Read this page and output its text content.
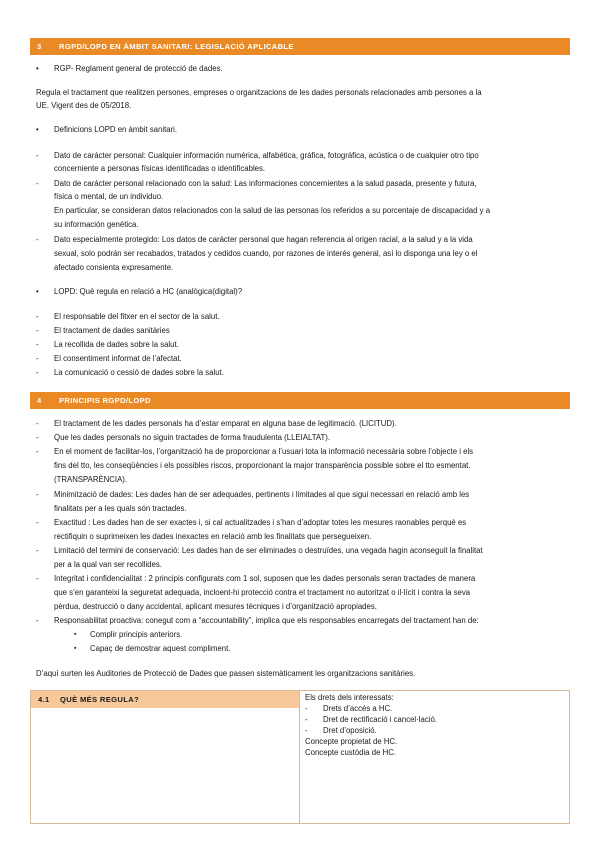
3 RGPD/LOPD EN ÀMBIT SANITARI: LEGISLACIÓ APLICABLE
• RGP- Reglament general de protecció de dades.
Regula el tractament que realitzen persones, empreses o organitzacions de les dades personals relacionades amb persones a la
UE. Vigent des de 05/2018.
• Definicions LOPD en àmbit sanitari.
-	Dato de carácter personal: Cualquier información numérica, alfabética, gráfica, fotográfica, acústica o de cualquier otro tipo
concerniente a personas físicas identificadas o identificables.
-	Dato de carácter personal relacionado con la salud: Las informaciones concernientes a la salud pasada, presente y futura,
física o mental, de un individuo.
En particular, se consideran datos relacionados con la salud de las personas los referidos a su porcentaje de discapacidad y a
su información genética.
-	Dato especialmente protegido: Los datos de carácter personal que hagan referencia al origen racial, a la salud y a la vida
sexual, solo podrán ser recabados, tratados y cedidos cuando, por razones de interés general, así lo disponga una ley o el
afectado consienta expresamente.
• LOPD: Què regula en relació a HC (analògica(digital)?
-	El responsable del fitxer en el sector de la salut.
-	El tractament de dades sanitàries
-	La recollida de dades sobre la salut.
-	El consentiment informat de l’afectat.
-	La comunicació o cessió de dades sobre la salut.
4 PRINCIPIS RGPD/LOPD
-	El tractament de les dades personals ha d’estar emparat en alguna base de legitimació. (LICITUD).
-	Que les dades personals no siguin tractades de forma fraudulenta (LLEIALTAT).
-	En el moment de facilitar-los, l’organització ha de proporcionar a l’usuari tota la informació necessària sobre l’objecte i els
fins del tto, les conseqüències i els possibles riscos, proporcionant la major transparència possible sobre el tto esmentat.
(TRANSPARÈNCIA).
-	Minimització de dades: Les dades han de ser adequades, pertinents i limitades al que sigui necessari en relació amb les
finalitats per a les quals són tractades.
-	Exactitud : Les dades han de ser exactes i, si cal actualitzades i s’han d’adoptar totes les mesures raonables perquè es
rectifiquin o suprimeixen les dades inexactes en relació amb les finalitats que persegueixen.
-	Limitació del termini de conservació: Les dades han de ser eliminades o destruïdes, una vegada hagin aconseguit la finalitat
per a la qual van ser recollides.
-	Integritat i confidencialitat : 2 principis configurats com 1 sol, suposen que les dades personals seran tractades de manera
que s’en garanteixi la seguretat adequada, incloent-hi protecció contra el tractament no autoritzat o il·lícit i contra la seva
pèrdua, destrucció o dany accidental, aplicant mesures tècniques i d’organització apropiades.
-	Responsabilitat proactiva: conegut com a “accountability”, implica que els responsables encarregats del tractament han de:
▪ Complir principis anteriors.
▪ Capaç de demostrar aquest compliment.
D’aquí surten les Auditories de Protecció de Dades que passen sistemàticament les organitzacions sanitàries.
4.1 QUÈ MÉS REGULA?	Els drets dels interessats:
- Drets d’accés a HC.
- Dret de rectificació i cancel·lació.
- Dret d’oposició.
Concepte propietat de HC.
Concepte custòdia de HC.
